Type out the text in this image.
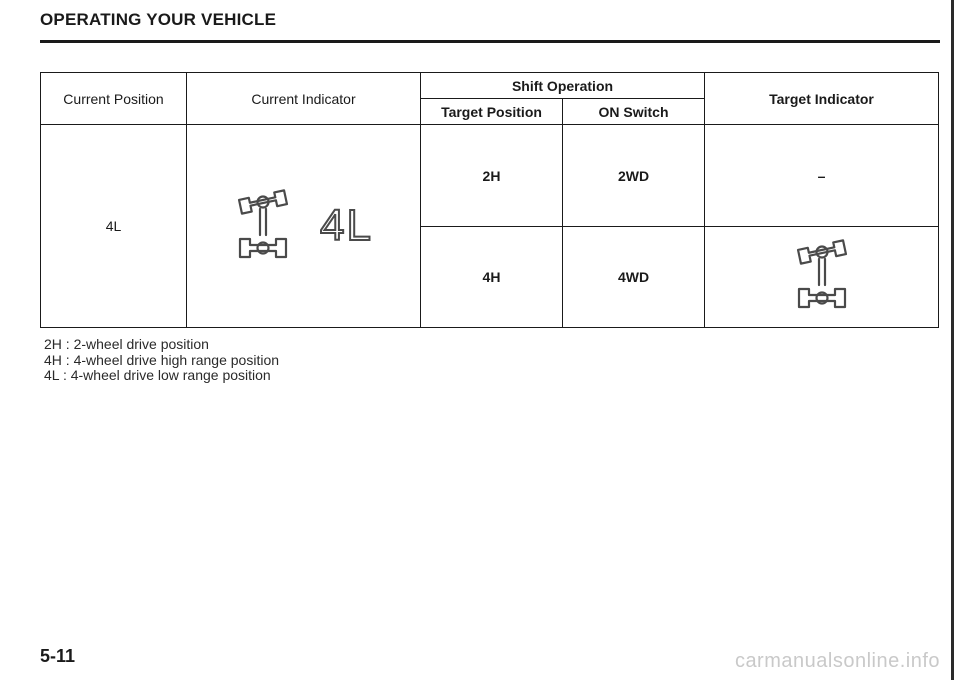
OPERATING YOUR VEHICLE
Current Position	Current Indicator	Shift Operation		Target Indicator
		Target Position	ON Switch	
4L	4L	2H	2WD	–
		4H	4WD	
2H : 2-wheel drive position
4H : 4-wheel drive high range position
4L : 4-wheel drive low range position
5-11	carmanualsonline.info
